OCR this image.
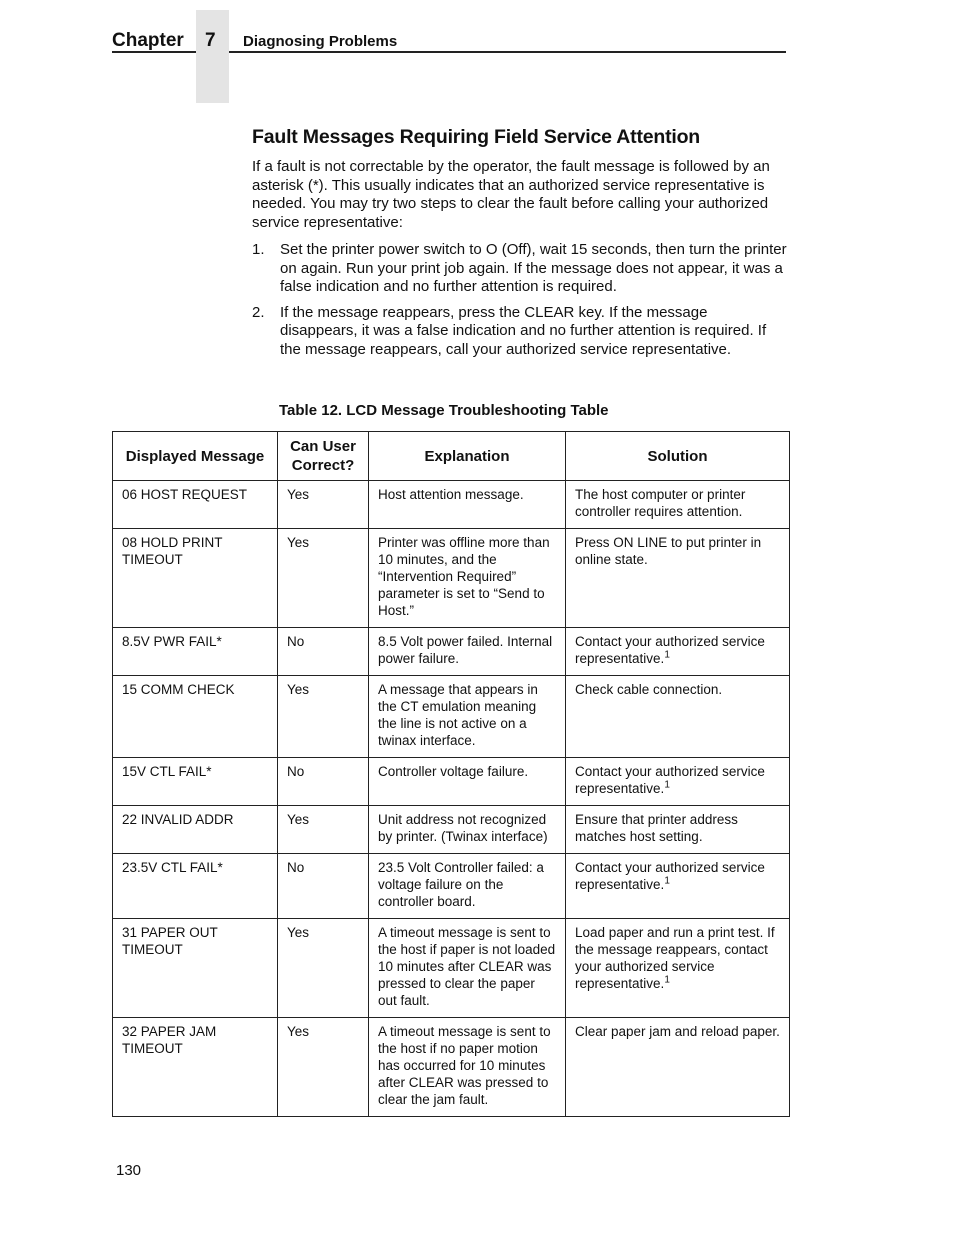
Chapter 7 Diagnosing Problems
Fault Messages Requiring Field Service Attention

If a fault is not correctable by the operator, the fault message is followed by an asterisk (*). This usually indicates that an authorized service representative is needed. You may try two steps to clear the fault before calling your authorized service representative:

1. Set the printer power switch to O (Off), wait 15 seconds, then turn the printer on again. Run your print job again. If the message does not appear, it was a false indication and no further attention is required.
2. If the message reappears, press the CLEAR key. If the message disappears, it was a false indication and no further attention is required. If the message reappears, call your authorized service representative.
Table 12. LCD Message Troubleshooting Table
Displayed Message	Can User Correct?	Explanation	Solution
06 HOST REQUEST	Yes	Host attention message.	The host computer or printer controller requires attention.
08 HOLD PRINT TIMEOUT	Yes	Printer was offline more than 10 minutes, and the “Intervention Required” parameter is set to “Send to Host.”	Press ON LINE to put printer in online state.
8.5V PWR FAIL*	No	8.5 Volt power failed. Internal power failure.	Contact your authorized service representative.$^1$
15 COMM CHECK	Yes	A message that appears in the CT emulation meaning the line is not active on a twinax interface.	Check cable connection.
15V CTL FAIL*	No	Controller voltage failure.	Contact your authorized service representative.$^1$
22 INVALID ADDR	Yes	Unit address not recognized by printer. (Twinax interface)	Ensure that printer address matches host setting.
23.5V CTL FAIL*	No	23.5 Volt Controller failed: a voltage failure on the controller board.	Contact your authorized service representative.$^1$
31 PAPER OUT TIMEOUT	Yes	A timeout message is sent to the host if paper is not loaded 10 minutes after CLEAR was pressed to clear the paper out fault.	Load paper and run a print test. If the message reappears, contact your authorized service representative.$^1$
32 PAPER JAM TIMEOUT	Yes	A timeout message is sent to the host if no paper motion has occurred for 10 minutes after CLEAR was pressed to clear the jam fault.	Clear paper jam and reload paper.
130
